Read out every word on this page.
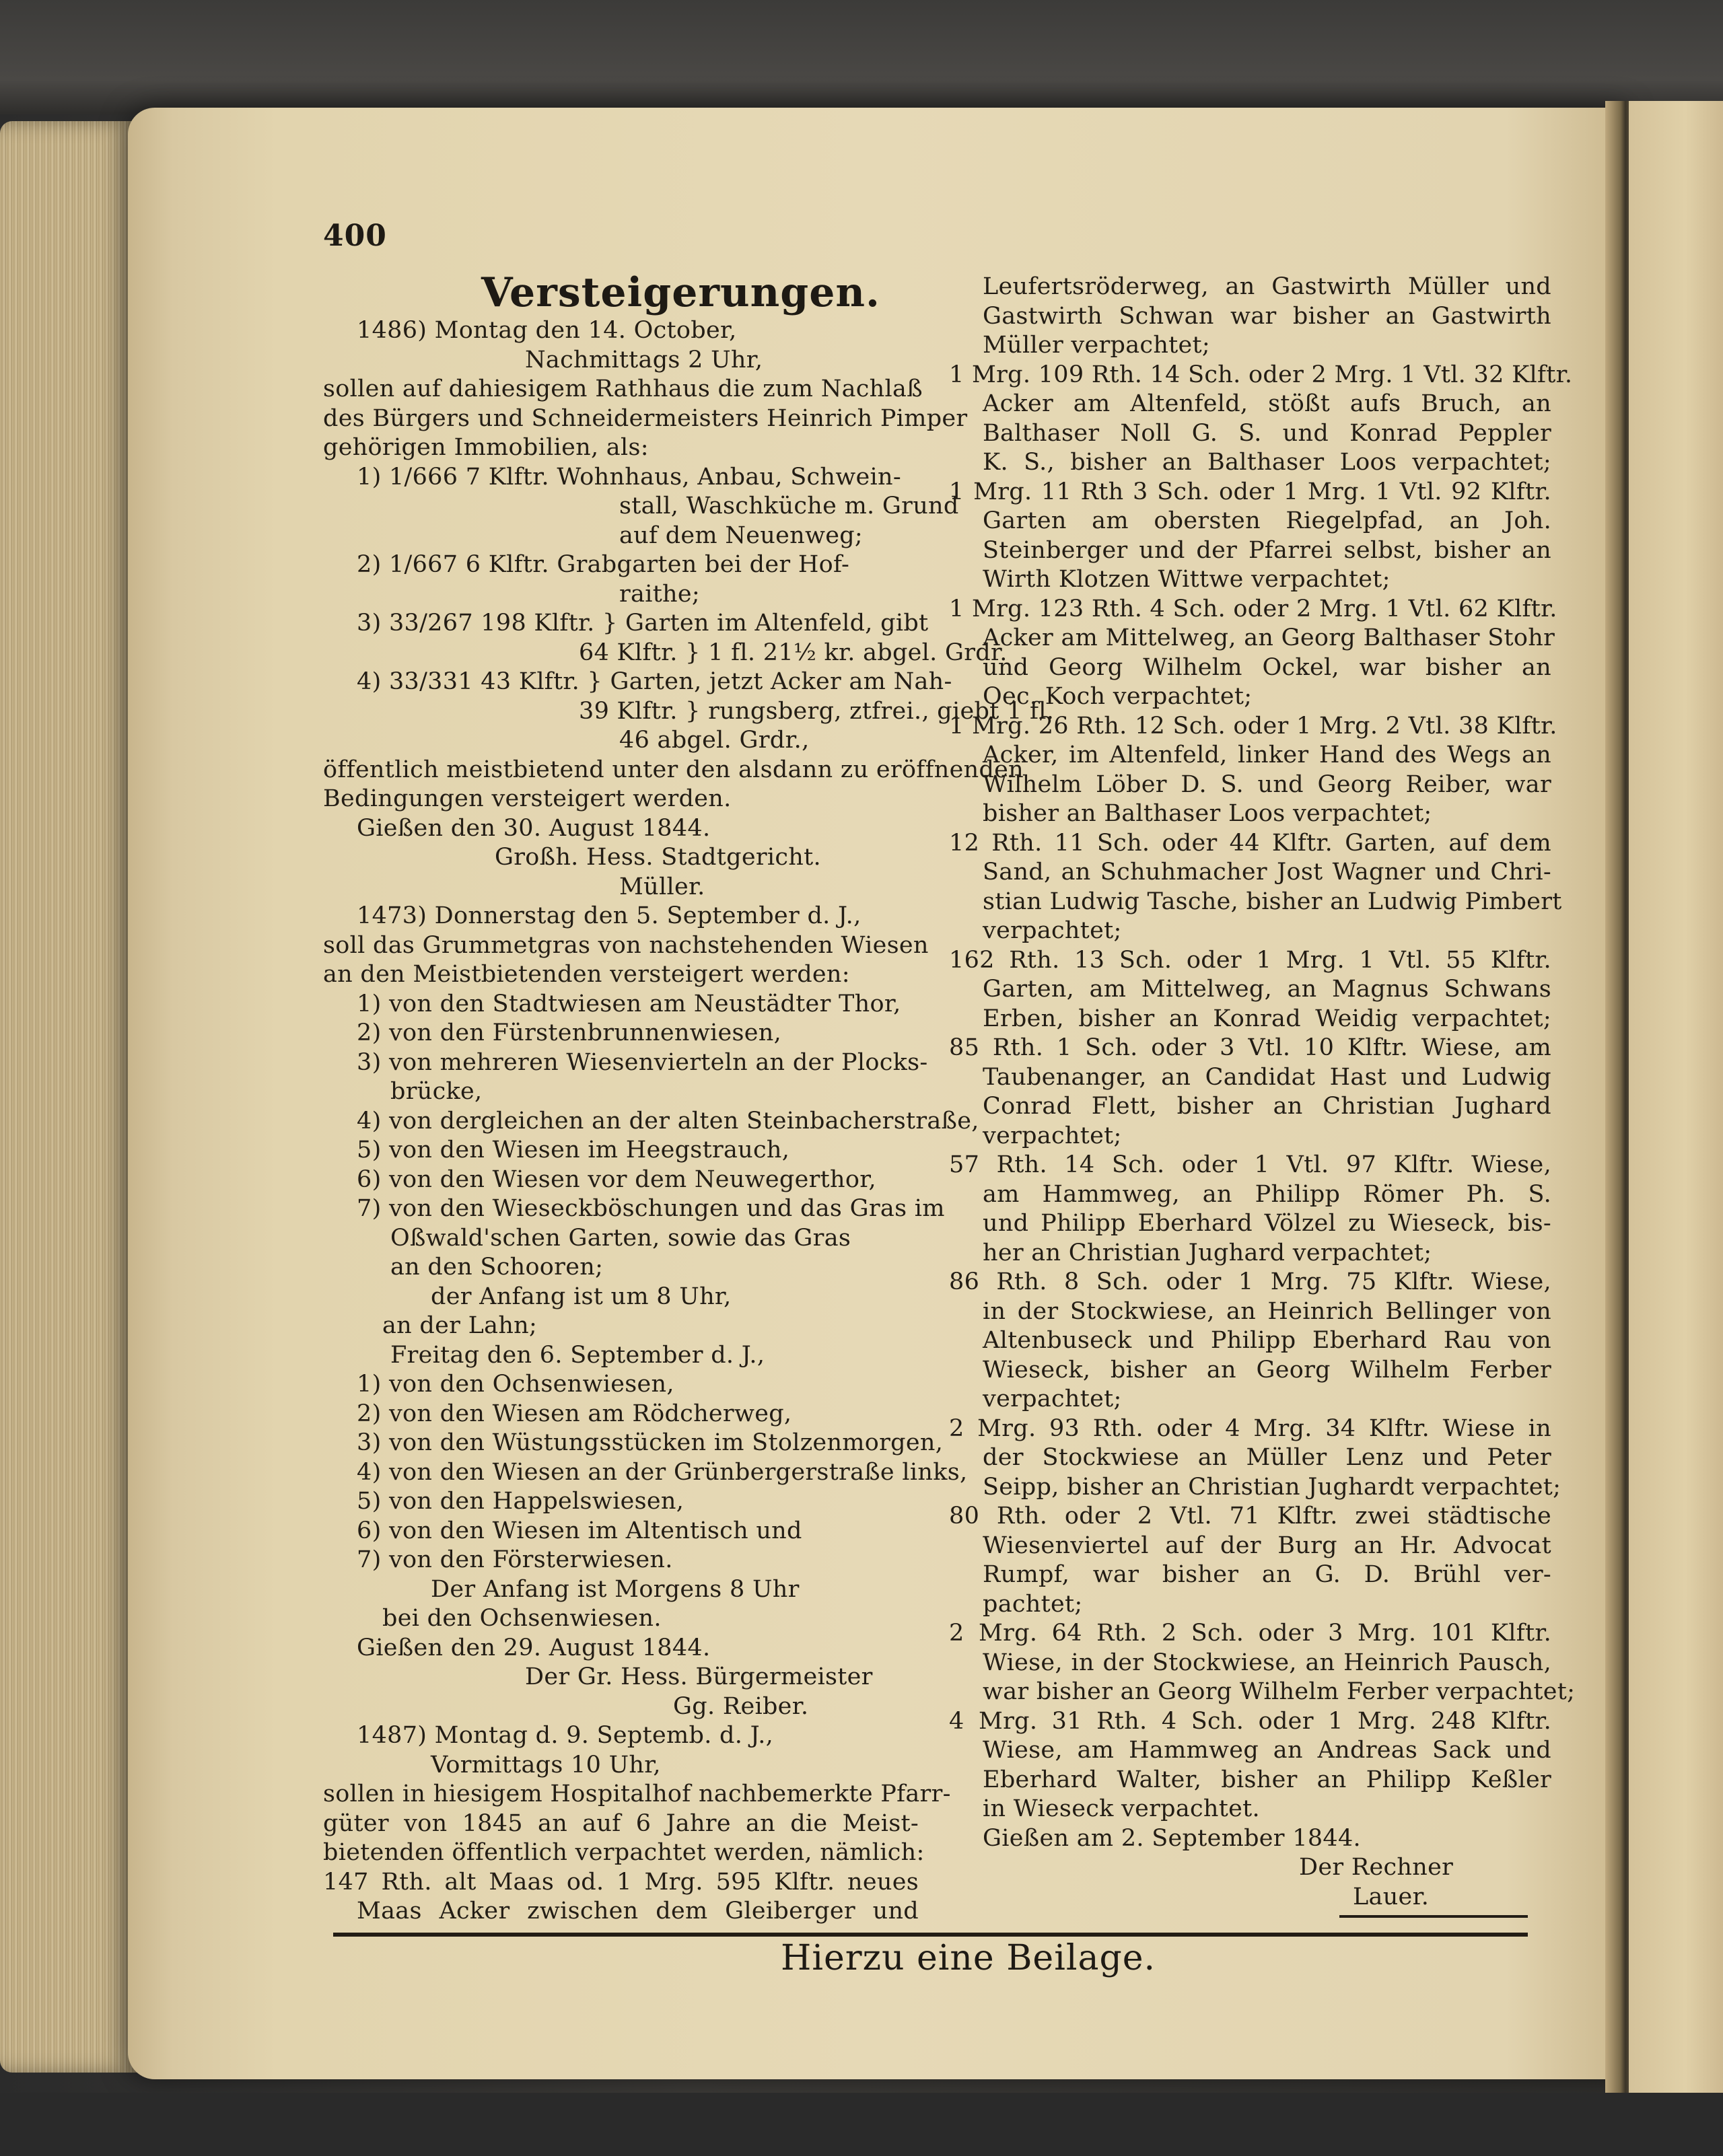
400
Versteigerungen.
1486) Montag den 14. October,
Nachmittags 2 Uhr,
sollen auf dahiesigem Rathhaus die zum Nachlaß
des Bürgers und Schneidermeisters Heinrich Pimper
gehörigen Immobilien, als:
1) 1/666 7 Klftr. Wohnhaus, Anbau, Schwein-
stall, Waschküche m. Grund
auf dem Neuenweg;
2) 1/667 6 Klftr. Grabgarten bei der Hof-
raithe;
3) 33/267 198 Klftr. } Garten im Altenfeld, gibt
64 Klftr. } 1 fl. 21½ kr. abgel. Grdr.
4) 33/331 43 Klftr. } Garten, jetzt Acker am Nah-
39 Klftr. } rungsberg, ztfrei., giebt 1 fl.
46 abgel. Grdr.,
öffentlich meistbietend unter den alsdann zu eröffnenden
Bedingungen versteigert werden.
Gießen den 30. August 1844.
Großh. Hess. Stadtgericht.
Müller.
1473) Donnerstag den 5. September d. J.,
soll das Grummetgras von nachstehenden Wiesen
an den Meistbietenden versteigert werden:
1) von den Stadtwiesen am Neustädter Thor,
2) von den Fürstenbrunnenwiesen,
3) von mehreren Wiesenvierteln an der Plocks-
brücke,
4) von dergleichen an der alten Steinbacherstraße,
5) von den Wiesen im Heegstrauch,
6) von den Wiesen vor dem Neuwegerthor,
7) von den Wieseckböschungen und das Gras im
Oßwald'schen Garten, sowie das Gras
an den Schooren;
der Anfang ist um 8 Uhr,
an der Lahn;
Freitag den 6. September d. J.,
1) von den Ochsenwiesen,
2) von den Wiesen am Rödcherweg,
3) von den Wüstungsstücken im Stolzenmorgen,
4) von den Wiesen an der Grünbergerstraße links,
5) von den Happelswiesen,
6) von den Wiesen im Altentisch und
7) von den Försterwiesen.
Der Anfang ist Morgens 8 Uhr
bei den Ochsenwiesen.
Gießen den 29. August 1844.
Der Gr. Hess. Bürgermeister
Gg. Reiber.
1487) Montag d. 9. Septemb. d. J.,
Vormittags 10 Uhr,
sollen in hiesigem Hospitalhof nachbemerkte Pfarr-
güter von 1845 an auf 6 Jahre an die Meist-
bietenden öffentlich verpachtet werden, nämlich:
147 Rth. alt Maas od. 1 Mrg. 595 Klftr. neues
Maas Acker zwischen dem Gleiberger und
Leufertsröderweg, an Gastwirth Müller und
Gastwirth Schwan war bisher an Gastwirth
Müller verpachtet;
1 Mrg. 109 Rth. 14 Sch. oder 2 Mrg. 1 Vtl. 32 Klftr.
Acker am Altenfeld, stößt aufs Bruch, an
Balthaser Noll G. S. und Konrad Peppler
K. S., bisher an Balthaser Loos verpachtet;
1 Mrg. 11 Rth 3 Sch. oder 1 Mrg. 1 Vtl. 92 Klftr.
Garten am obersten Riegelpfad, an Joh.
Steinberger und der Pfarrei selbst, bisher an
Wirth Klotzen Wittwe verpachtet;
1 Mrg. 123 Rth. 4 Sch. oder 2 Mrg. 1 Vtl. 62 Klftr.
Acker am Mittelweg, an Georg Balthaser Stohr
und Georg Wilhelm Ockel, war bisher an
Oec. Koch verpachtet;
1 Mrg. 26 Rth. 12 Sch. oder 1 Mrg. 2 Vtl. 38 Klftr.
Acker, im Altenfeld, linker Hand des Wegs an
Wilhelm Löber D. S. und Georg Reiber, war
bisher an Balthaser Loos verpachtet;
12 Rth. 11 Sch. oder 44 Klftr. Garten, auf dem
Sand, an Schuhmacher Jost Wagner und Chri-
stian Ludwig Tasche, bisher an Ludwig Pimbert
verpachtet;
162 Rth. 13 Sch. oder 1 Mrg. 1 Vtl. 55 Klftr.
Garten, am Mittelweg, an Magnus Schwans
Erben, bisher an Konrad Weidig verpachtet;
85 Rth. 1 Sch. oder 3 Vtl. 10 Klftr. Wiese, am
Taubenanger, an Candidat Hast und Ludwig
Conrad Flett, bisher an Christian Jughard
verpachtet;
57 Rth. 14 Sch. oder 1 Vtl. 97 Klftr. Wiese,
am Hammweg, an Philipp Römer Ph. S.
und Philipp Eberhard Völzel zu Wieseck, bis-
her an Christian Jughard verpachtet;
86 Rth. 8 Sch. oder 1 Mrg. 75 Klftr. Wiese,
in der Stockwiese, an Heinrich Bellinger von
Altenbuseck und Philipp Eberhard Rau von
Wieseck, bisher an Georg Wilhelm Ferber
verpachtet;
2 Mrg. 93 Rth. oder 4 Mrg. 34 Klftr. Wiese in
der Stockwiese an Müller Lenz und Peter
Seipp, bisher an Christian Jughardt verpachtet;
80 Rth. oder 2 Vtl. 71 Klftr. zwei städtische
Wiesenviertel auf der Burg an Hr. Advocat
Rumpf, war bisher an G. D. Brühl ver-
pachtet;
2 Mrg. 64 Rth. 2 Sch. oder 3 Mrg. 101 Klftr.
Wiese, in der Stockwiese, an Heinrich Pausch,
war bisher an Georg Wilhelm Ferber verpachtet;
4 Mrg. 31 Rth. 4 Sch. oder 1 Mrg. 248 Klftr.
Wiese, am Hammweg an Andreas Sack und
Eberhard Walter, bisher an Philipp Keßler
in Wieseck verpachtet.
Gießen am 2. September 1844.
Der Rechner
Lauer.
Hierzu eine Beilage.
